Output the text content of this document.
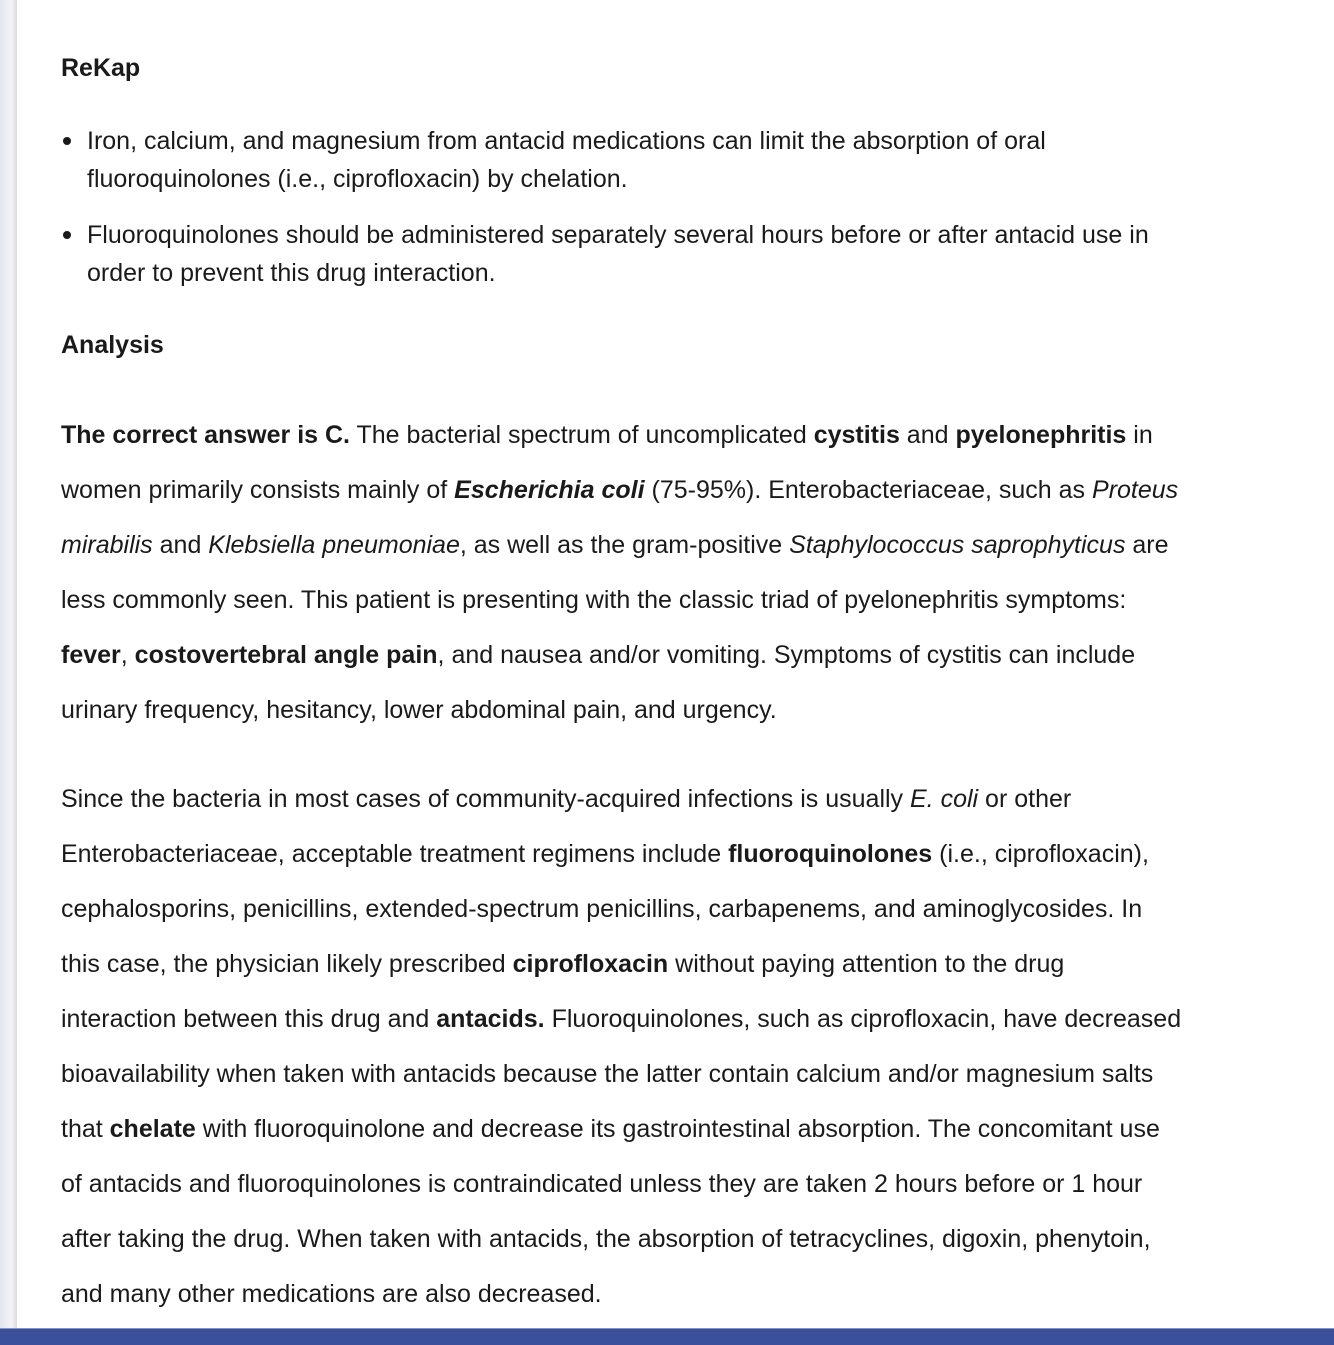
ReKap
Iron, calcium, and magnesium from antacid medications can limit the absorption of oral
fluoroquinolones (i.e., ciprofloxacin) by chelation.
Fluoroquinolones should be administered separately several hours before or after antacid use in
order to prevent this drug interaction.
Analysis
The correct answer is C. The bacterial spectrum of uncomplicated cystitis and pyelonephritis in
women primarily consists mainly of Escherichia coli (75-95%). Enterobacteriaceae, such as Proteus
mirabilis and Klebsiella pneumoniae, as well as the gram-positive Staphylococcus saprophyticus are
less commonly seen. This patient is presenting with the classic triad of pyelonephritis symptoms:
fever, costovertebral angle pain, and nausea and/or vomiting. Symptoms of cystitis can include
urinary frequency, hesitancy, lower abdominal pain, and urgency.
Since the bacteria in most cases of community-acquired infections is usually E. coli or other
Enterobacteriaceae, acceptable treatment regimens include fluoroquinolones (i.e., ciprofloxacin),
cephalosporins, penicillins, extended-spectrum penicillins, carbapenems, and aminoglycosides. In
this case, the physician likely prescribed ciprofloxacin without paying attention to the drug
interaction between this drug and antacids. Fluoroquinolones, such as ciprofloxacin, have decreased
bioavailability when taken with antacids because the latter contain calcium and/or magnesium salts
that chelate with fluoroquinolone and decrease its gastrointestinal absorption. The concomitant use
of antacids and fluoroquinolones is contraindicated unless they are taken 2 hours before or 1 hour
after taking the drug. When taken with antacids, the absorption of tetracyclines, digoxin, phenytoin,
and many other medications are also decreased.
